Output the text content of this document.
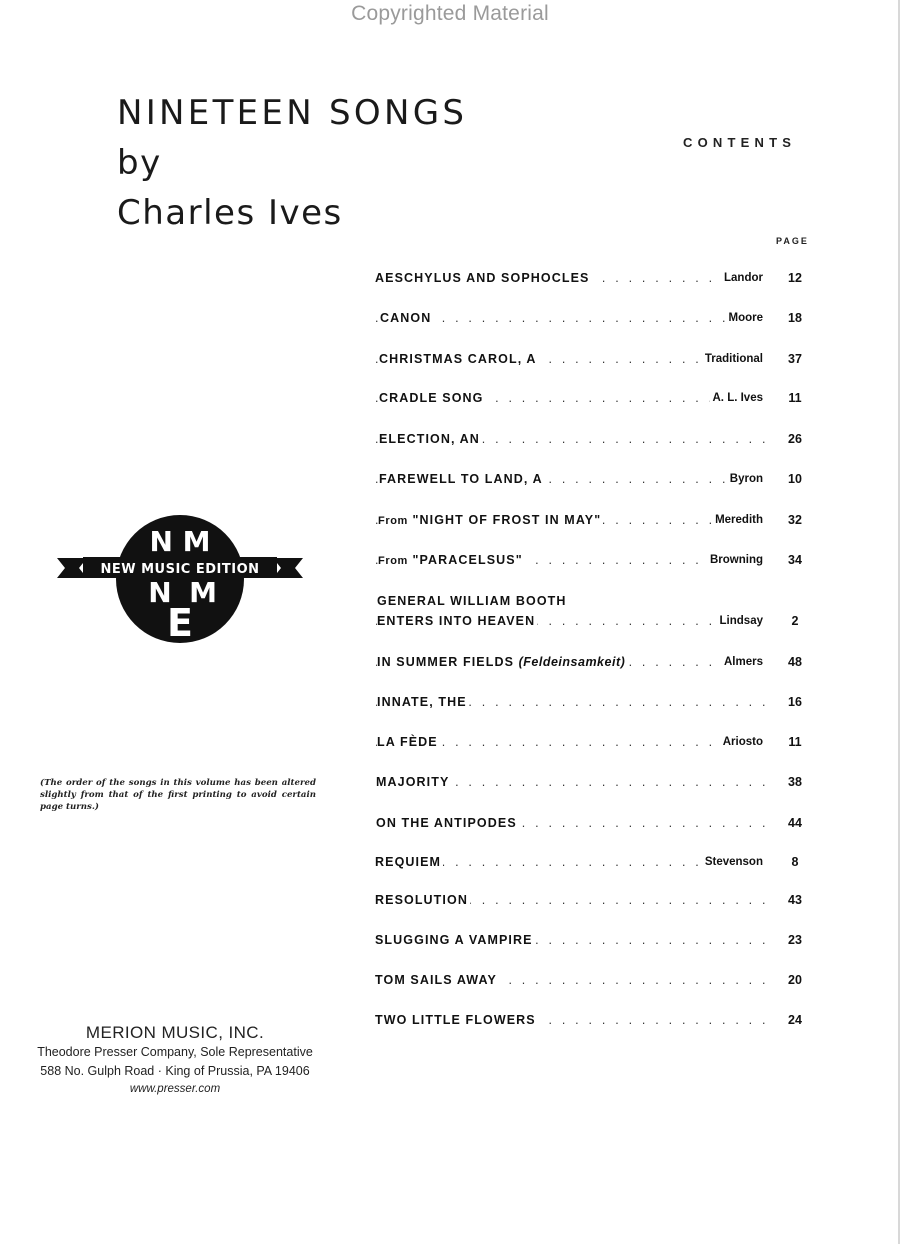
Copyrighted Material
NINETEEN SONGS
by
Charles Ives
CONTENTS
PAGE
. . .
AESCHYLUS AND SOPHOCLES	Landor	12
. . .
CANON	Moore	18
. . .
CHRISTMAS CAROL, A	Traditional	37
. . .
CRADLE SONG	A. L. Ives	11
. . .
ELECTION, AN	26
. . .
FAREWELL TO LAND, A	Byron	10
. . .
From "NIGHT OF FROST IN MAY"	Meredith	32
. . .
From "PARACELSUS"	Browning	34
GENERAL WILLIAM BOOTH
. . .
ENTERS INTO HEAVEN	Lindsay	2
. . .
IN SUMMER FIELDS (Feldeinsamkeit)	Almers	48
. . .
INNATE, THE	16
. . .
LA FÈDE	Ariosto	11
. . .
MAJORITY	38
. . .
ON THE ANTIPODES	44
. . .
REQUIEM	Stevenson	8
. . .
RESOLUTION	43
. . .
SLUGGING A VAMPIRE	23
. . .
TOM SAILS AWAY	20
. . .
TWO LITTLE FLOWERS	24
N M
NEW MUSIC EDITION
N M
E
(The order of the songs in this volume has been altered slightly from that of the first printing to avoid certain page turns.)
MERION MUSIC, INC.
Theodore Presser Company, Sole Representative
588 No. Gulph Road · King of Prussia, PA 19406
www.presser.com
